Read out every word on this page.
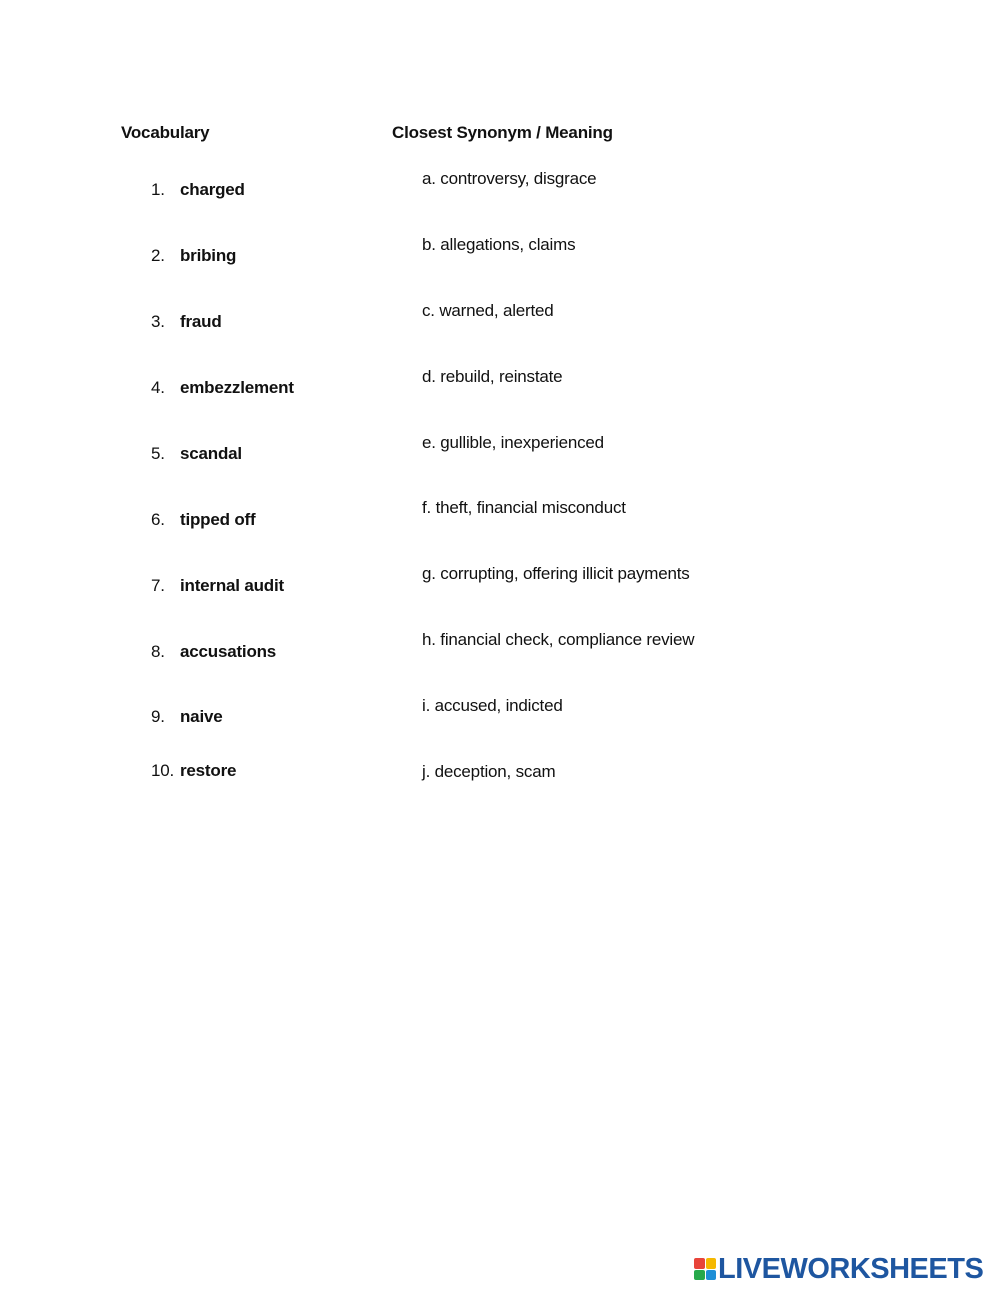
Vocabulary	Closest Synonym / Meaning
1. charged
2. bribing
3. fraud
4. embezzlement
5. scandal
6. tipped off
7. internal audit
8. accusations
9. naive
10. restore
a. controversy, disgrace
b. allegations, claims
c. warned, alerted
d. rebuild, reinstate
e. gullible, inexperienced
f. theft, financial misconduct
g. corrupting, offering illicit payments
h. financial check, compliance review
i. accused, indicted
j. deception, scam
LIVEWORKSHEETS
